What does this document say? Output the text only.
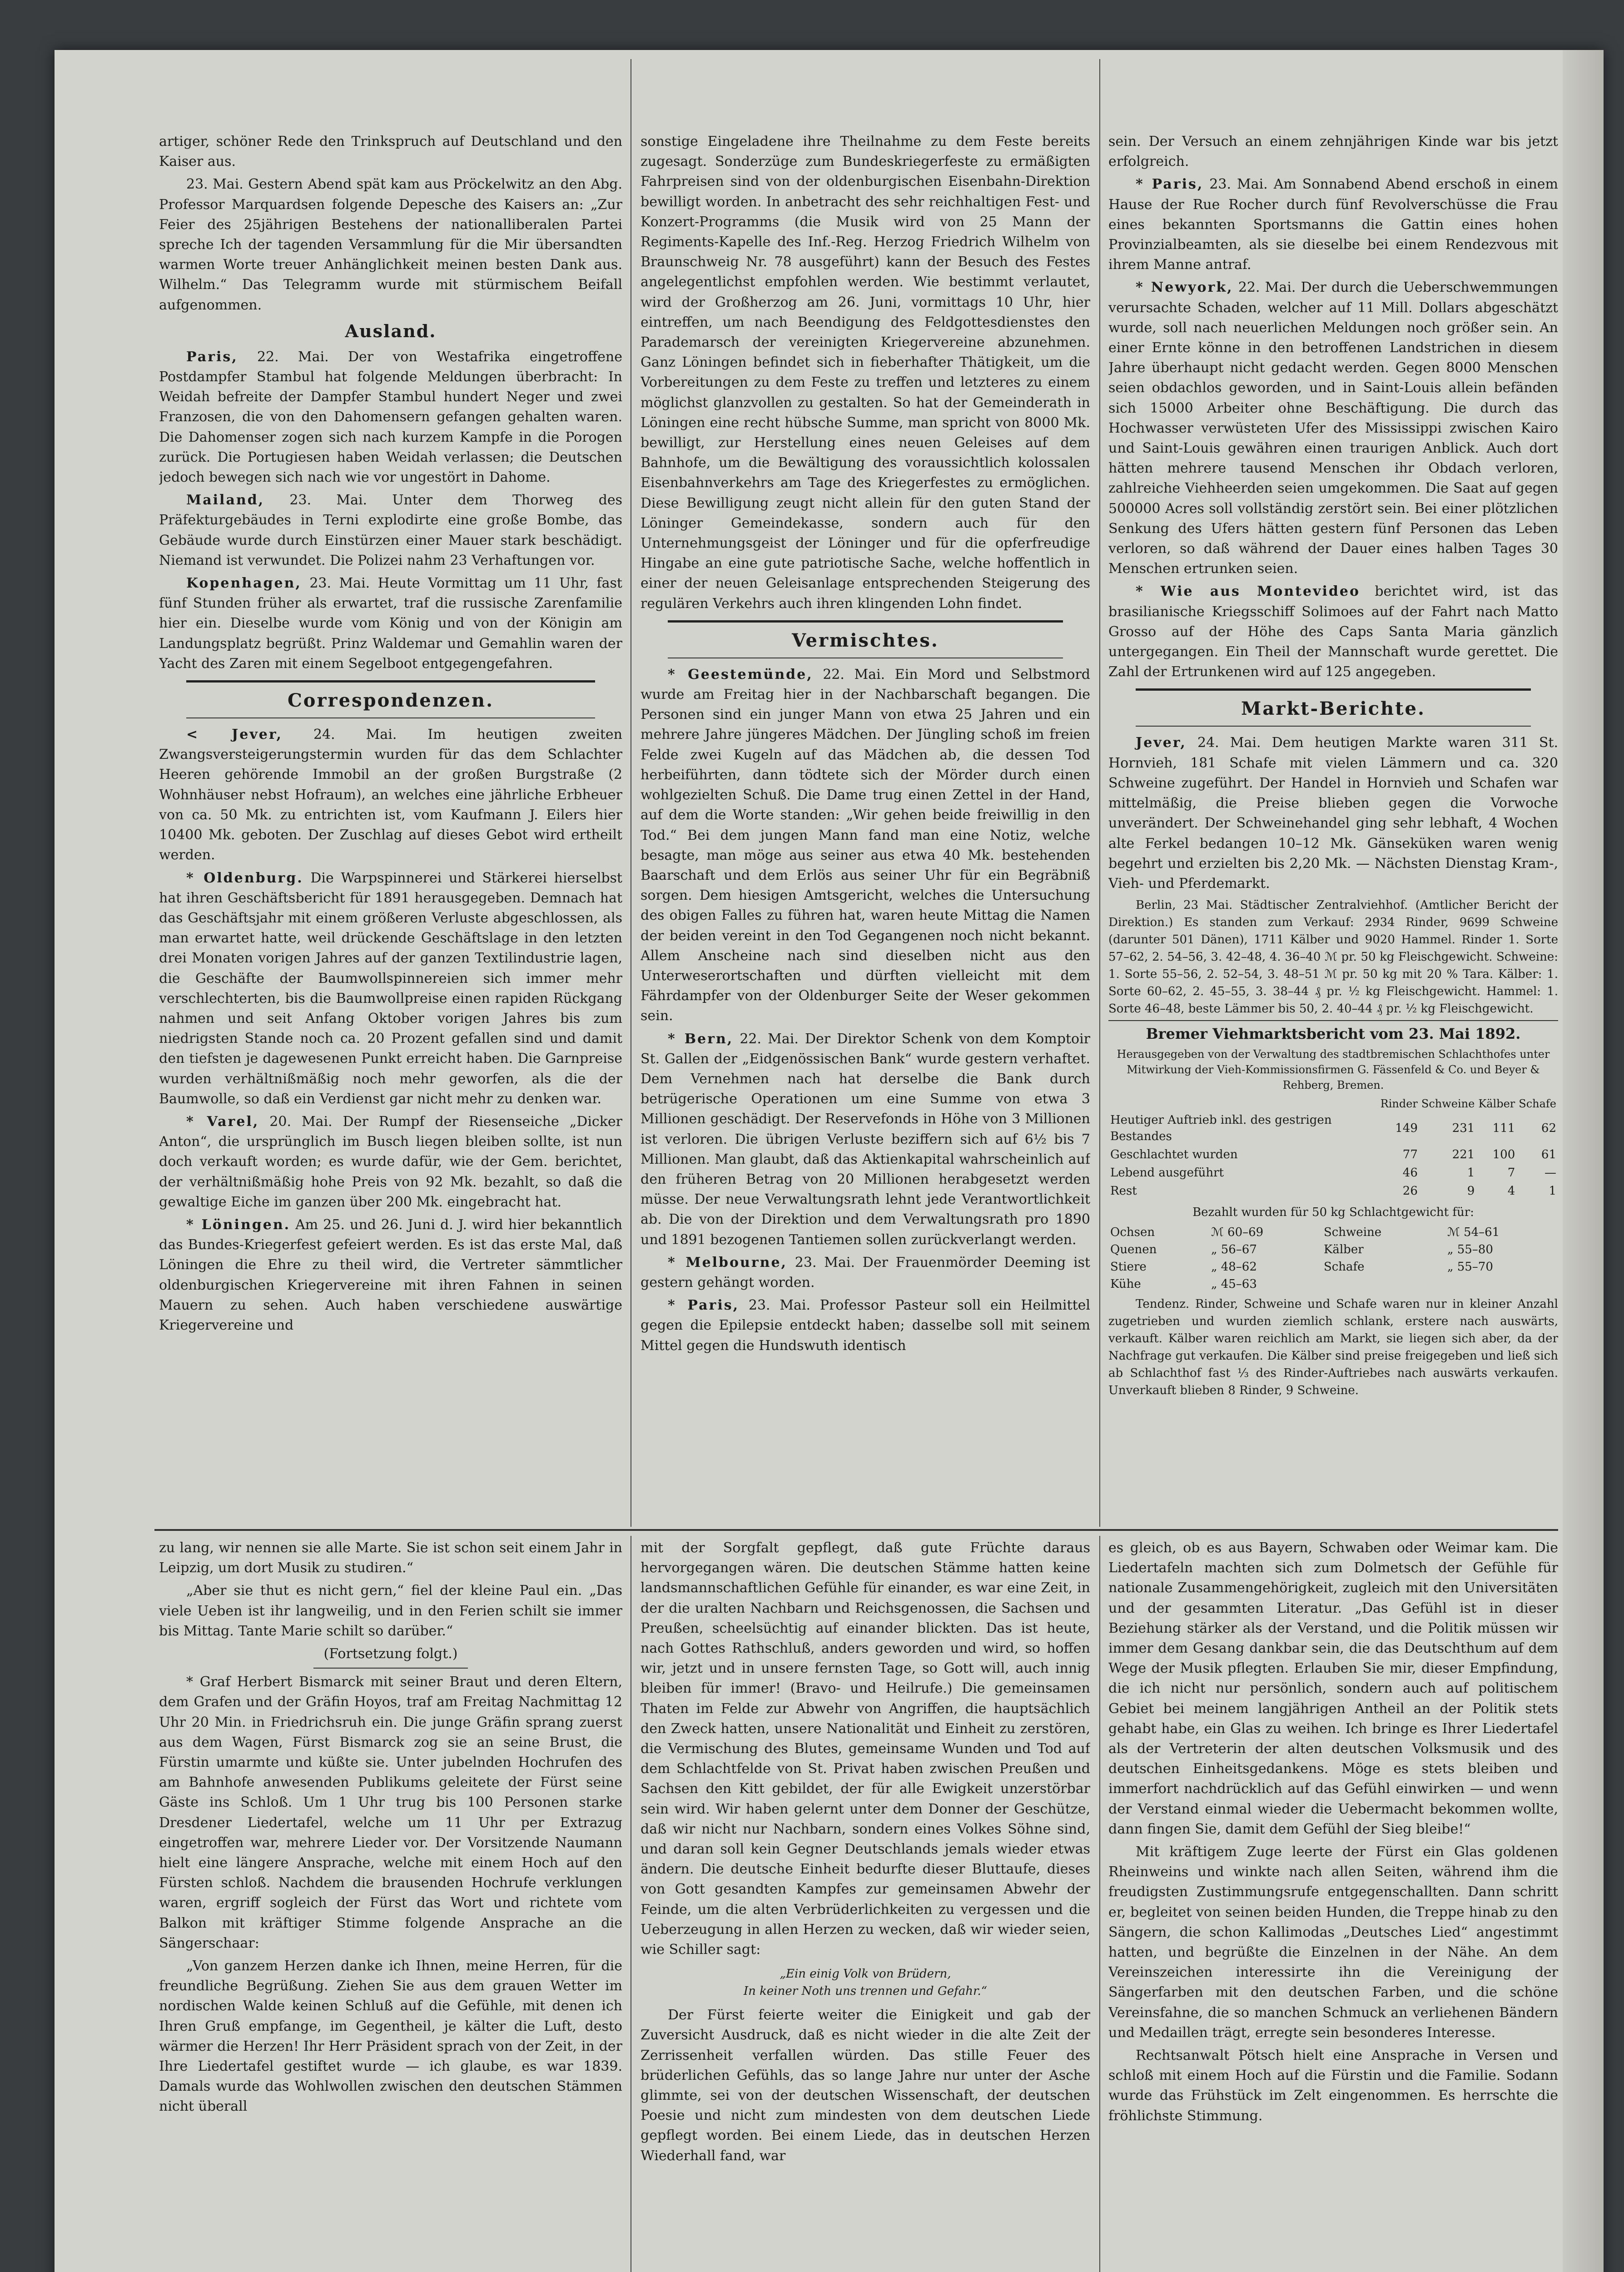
artiger, schöner Rede den Trinkspruch auf Deutschland und den Kaiser aus.

23. Mai. Gestern Abend spät kam aus Pröckelwitz an den Abg. Professor Marquardsen folgende Depesche des Kaisers an: „Zur Feier des 25jährigen Bestehens der nationalliberalen Partei spreche Ich der tagenden Versammlung für die Mir übersandten warmen Worte treuer Anhänglichkeit meinen besten Dank aus. Wilhelm.“ Das Telegramm wurde mit stürmischem Beifall aufgenommen.

Ausland.

Paris, 22. Mai. Der von Westafrika eingetroffene Postdampfer Stambul hat folgende Meldungen überbracht: In Weidah befreite der Dampfer Stambul hundert Neger und zwei Franzosen, die von den Dahomensern gefangen gehalten waren. Die Dahomenser zogen sich nach kurzem Kampfe in die Porogen zurück. Die Portugiesen haben Weidah verlassen; die Deutschen jedoch bewegen sich nach wie vor ungestört in Dahome.

Mailand, 23. Mai. Unter dem Thorweg des Präfekturgebäudes in Terni explodirte eine große Bombe, das Gebäude wurde durch Einstürzen einer Mauer stark beschädigt. Niemand ist verwundet. Die Polizei nahm 23 Verhaftungen vor.

Kopenhagen, 23. Mai. Heute Vormittag um 11 Uhr, fast fünf Stunden früher als erwartet, traf die russische Zarenfamilie hier ein. Dieselbe wurde vom König und von der Königin am Landungsplatz begrüßt. Prinz Waldemar und Gemahlin waren der Yacht des Zaren mit einem Segelboot entgegengefahren.

Correspondenzen.

< Jever, 24. Mai. Im heutigen zweiten Zwangsversteigerungstermin wurden für das dem Schlachter Heeren gehörende Immobil an der großen Burgstraße (2 Wohnhäuser nebst Hofraum), an welches eine jährliche Erbheuer von ca. 50 Mk. zu entrichten ist, vom Kaufmann J. Eilers hier 10400 Mk. geboten. Der Zuschlag auf dieses Gebot wird ertheilt werden.

* Oldenburg. Die Warpspinnerei und Stärkerei hierselbst hat ihren Geschäftsbericht für 1891 herausgegeben. Demnach hat das Geschäftsjahr mit einem größeren Verluste abgeschlossen, als man erwartet hatte, weil drückende Geschäftslage in den letzten drei Monaten vorigen Jahres auf der ganzen Textilindustrie lagen, die Geschäfte der Baumwollspinnereien sich immer mehr verschlechterten, bis die Baumwollpreise einen rapiden Rückgang nahmen und seit Anfang Oktober vorigen Jahres bis zum niedrigsten Stande noch ca. 20 Prozent gefallen sind und damit den tiefsten je dagewesenen Punkt erreicht haben. Die Garnpreise wurden verhältnißmäßig noch mehr geworfen, als die der Baumwolle, so daß ein Verdienst gar nicht mehr zu denken war.

* Varel, 20. Mai. Der Rumpf der Riesenseiche „Dicker Anton“, die ursprünglich im Busch liegen bleiben sollte, ist nun doch verkauft worden; es wurde dafür, wie der Gem. berichtet, der verhältnißmäßig hohe Preis von 92 Mk. bezahlt, so daß die gewaltige Eiche im ganzen über 200 Mk. eingebracht hat.

* Löningen. Am 25. und 26. Juni d. J. wird hier bekanntlich das Bundes-Kriegerfest gefeiert werden. Es ist das erste Mal, daß Löningen die Ehre zu theil wird, die Vertreter sämmtlicher oldenburgischen Kriegervereine mit ihren Fahnen in seinen Mauern zu sehen. Auch haben verschiedene auswärtige Kriegervereine und

sonstige Eingeladene ihre Theilnahme zu dem Feste bereits zugesagt. Sonderzüge zum Bundeskriegerfeste zu ermäßigten Fahrpreisen sind von der oldenburgischen Eisenbahn-Direktion bewilligt worden. In anbetracht des sehr reichhaltigen Fest- und Konzert-Programms (die Musik wird von 25 Mann der Regiments-Kapelle des Inf.-Reg. Herzog Friedrich Wilhelm von Braunschweig Nr. 78 ausgeführt) kann der Besuch des Festes angelegentlichst empfohlen werden. Wie bestimmt verlautet, wird der Großherzog am 26. Juni, vormittags 10 Uhr, hier eintreffen, um nach Beendigung des Feldgottesdienstes den Parademarsch der vereinigten Kriegervereine abzunehmen. Ganz Löningen befindet sich in fieberhafter Thätigkeit, um die Vorbereitungen zu dem Feste zu treffen und letzteres zu einem möglichst glanzvollen zu gestalten. So hat der Gemeinderath in Löningen eine recht hübsche Summe, man spricht von 8000 Mk. bewilligt, zur Herstellung eines neuen Geleises auf dem Bahnhofe, um die Bewältigung des voraussichtlich kolossalen Eisenbahnverkehrs am Tage des Kriegerfestes zu ermöglichen. Diese Bewilligung zeugt nicht allein für den guten Stand der Löninger Gemeindekasse, sondern auch für den Unternehmungsgeist der Löninger und für die opferfreudige Hingabe an eine gute patriotische Sache, welche hoffentlich in einer der neuen Geleisanlage entsprechenden Steigerung des regulären Verkehrs auch ihren klingenden Lohn findet.

Vermischtes.

* Geestemünde, 22. Mai. Ein Mord und Selbstmord wurde am Freitag hier in der Nachbarschaft begangen. Die Personen sind ein junger Mann von etwa 25 Jahren und ein mehrere Jahre jüngeres Mädchen. Der Jüngling schoß im freien Felde zwei Kugeln auf das Mädchen ab, die dessen Tod herbeiführten, dann tödtete sich der Mörder durch einen wohlgezielten Schuß. Die Dame trug einen Zettel in der Hand, auf dem die Worte standen: „Wir gehen beide freiwillig in den Tod.“ Bei dem jungen Mann fand man eine Notiz, welche besagte, man möge aus seiner aus etwa 40 Mk. bestehenden Baarschaft und dem Erlös aus seiner Uhr für ein Begräbniß sorgen. Dem hiesigen Amtsgericht, welches die Untersuchung des obigen Falles zu führen hat, waren heute Mittag die Namen der beiden vereint in den Tod Gegangenen noch nicht bekannt. Allem Anscheine nach sind dieselben nicht aus den Unterweserortschaften und dürften vielleicht mit dem Fährdampfer von der Oldenburger Seite der Weser gekommen sein.

* Bern, 22. Mai. Der Direktor Schenk von dem Komptoir St. Gallen der „Eidgenössischen Bank“ wurde gestern verhaftet. Dem Vernehmen nach hat derselbe die Bank durch betrügerische Operationen um eine Summe von etwa 3 Millionen geschädigt. Der Reservefonds in Höhe von 3 Millionen ist verloren. Die übrigen Verluste beziffern sich auf 6½ bis 7 Millionen. Man glaubt, daß das Aktienkapital wahrscheinlich auf den früheren Betrag von 20 Millionen herabgesetzt werden müsse. Der neue Verwaltungsrath lehnt jede Verantwortlichkeit ab. Die von der Direktion und dem Verwaltungsrath pro 1890 und 1891 bezogenen Tantiemen sollen zurückverlangt werden.

* Melbourne, 23. Mai. Der Frauenmörder Deeming ist gestern gehängt worden.

* Paris, 23. Mai. Professor Pasteur soll ein Heilmittel gegen die Epilepsie entdeckt haben; dasselbe soll mit seinem Mittel gegen die Hundswuth identisch

sein. Der Versuch an einem zehnjährigen Kinde war bis jetzt erfolgreich.

* Paris, 23. Mai. Am Sonnabend Abend erschoß in einem Hause der Rue Rocher durch fünf Revolverschüsse die Frau eines bekannten Sportsmanns die Gattin eines hohen Provinzialbeamten, als sie dieselbe bei einem Rendezvous mit ihrem Manne antraf.

* Newyork, 22. Mai. Der durch die Ueberschwemmungen verursachte Schaden, welcher auf 11 Mill. Dollars abgeschätzt wurde, soll nach neuerlichen Meldungen noch größer sein. An einer Ernte könne in den betroffenen Landstrichen in diesem Jahre überhaupt nicht gedacht werden. Gegen 8000 Menschen seien obdachlos geworden, und in Saint-Louis allein befänden sich 15000 Arbeiter ohne Beschäftigung. Die durch das Hochwasser verwüsteten Ufer des Mississippi zwischen Kairo und Saint-Louis gewähren einen traurigen Anblick. Auch dort hätten mehrere tausend Menschen ihr Obdach verloren, zahlreiche Viehheerden seien umgekommen. Die Saat auf gegen 500000 Acres soll vollständig zerstört sein. Bei einer plötzlichen Senkung des Ufers hätten gestern fünf Personen das Leben verloren, so daß während der Dauer eines halben Tages 30 Menschen ertrunken seien.

* Wie aus Montevideo berichtet wird, ist das brasilianische Kriegsschiff Solimoes auf der Fahrt nach Matto Grosso auf der Höhe des Caps Santa Maria gänzlich untergegangen. Ein Theil der Mannschaft wurde gerettet. Die Zahl der Ertrunkenen wird auf 125 angegeben.

Markt-Berichte.

Jever, 24. Mai. Dem heutigen Markte waren 311 St. Hornvieh, 181 Schafe mit vielen Lämmern und ca. 320 Schweine zugeführt. Der Handel in Hornvieh und Schafen war mittelmäßig, die Preise blieben gegen die Vorwoche unverändert. Der Schweinehandel ging sehr lebhaft, 4 Wochen alte Ferkel bedangen 10–12 Mk. Gänseküken waren wenig begehrt und erzielten bis 2,20 Mk. — Nächsten Dienstag Kram-, Vieh- und Pferdemarkt.

Berlin, 23 Mai. Städtischer Zentralviehhof. (Amtlicher Bericht der Direktion.) Es standen zum Verkauf: 2934 Rinder, 9699 Schweine (darunter 501 Dänen), 1711 Kälber und 9020 Hammel. Rinder 1. Sorte 57–62, 2. 54–56, 3. 42–48, 4. 36–40 ℳ pr. 50 kg Fleischgewicht. Schweine: 1. Sorte 55–56, 2. 52–54, 3. 48–51 ℳ pr. 50 kg mit 20 % Tara. Kälber: 1. Sorte 60–62, 2. 45–55, 3. 38–44 ₰ pr. ½ kg Fleischgewicht. Hammel: 1. Sorte 46–48, beste Lämmer bis 50, 2. 40–44 ₰ pr. ½ kg Fleischgewicht.

Bremer Viehmarktsbericht vom 23. Mai 1892.
Herausgegeben von der Verwaltung des stadtbremischen Schlachthofes unter Mitwirkung der Vieh-Kommissionsfirmen G. Fässenfeld & Co. und Beyer & Rehberg, Bremen.
	Rinder	Schweine	Kälber	Schafe
Heutiger Auftrieb inkl. des gestrigen Bestandes	149	231	111	62
Geschlachtet wurden	77	221	100	61
Lebend ausgeführt	46	1	7	—
Rest	26	9	4	1
Bezahlt wurden für 50 kg Schlachtgewicht für:
Ochsen	ℳ 60–69	Schweine	ℳ 54–61
Quenen	„ 56–67	Kälber	„ 55–80
Stiere	„ 48–62	Schafe	„ 55–70
Kühe	„ 45–63		

Tendenz. Rinder, Schweine und Schafe waren nur in kleiner Anzahl zugetrieben und wurden ziemlich schlank, erstere nach auswärts, verkauft. Kälber waren reichlich am Markt, sie liegen sich aber, da der Nachfrage gut verkaufen. Die Kälber sind preise freigegeben und ließ sich ab Schlachthof fast ⅓ des Rinder-Auftriebes nach auswärts verkaufen. Unverkauft blieben 8 Rinder, 9 Schweine.

zu lang, wir nennen sie alle Marte. Sie ist schon seit einem Jahr in Leipzig, um dort Musik zu studiren.“

„Aber sie thut es nicht gern,“ fiel der kleine Paul ein. „Das viele Ueben ist ihr langweilig, und in den Ferien schilt sie immer bis Mittag. Tante Marie schilt so darüber.“

(Fortsetzung folgt.)

* Graf Herbert Bismarck mit seiner Braut und deren Eltern, dem Grafen und der Gräfin Hoyos, traf am Freitag Nachmittag 12 Uhr 20 Min. in Friedrichsruh ein. Die junge Gräfin sprang zuerst aus dem Wagen, Fürst Bismarck zog sie an seine Brust, die Fürstin umarmte und küßte sie. Unter jubelnden Hochrufen des am Bahnhofe anwesenden Publikums geleitete der Fürst seine Gäste ins Schloß. Um 1 Uhr trug bis 100 Personen starke Dresdener Liedertafel, welche um 11 Uhr per Extrazug eingetroffen war, mehrere Lieder vor. Der Vorsitzende Naumann hielt eine längere Ansprache, welche mit einem Hoch auf den Fürsten schloß. Nachdem die brausenden Hochrufe verklungen waren, ergriff sogleich der Fürst das Wort und richtete vom Balkon mit kräftiger Stimme folgende Ansprache an die Sängerschaar:

„Von ganzem Herzen danke ich Ihnen, meine Herren, für die freundliche Begrüßung. Ziehen Sie aus dem grauen Wetter im nordischen Walde keinen Schluß auf die Gefühle, mit denen ich Ihren Gruß empfange, im Gegentheil, je kälter die Luft, desto wärmer die Herzen! Ihr Herr Präsident sprach von der Zeit, in der Ihre Liedertafel gestiftet wurde — ich glaube, es war 1839. Damals wurde das Wohlwollen zwischen den deutschen Stämmen nicht überall

mit der Sorgfalt gepflegt, daß gute Früchte daraus hervorgegangen wären. Die deutschen Stämme hatten keine landsmannschaftlichen Gefühle für einander, es war eine Zeit, in der die uralten Nachbarn und Reichsgenossen, die Sachsen und Preußen, scheelsüchtig auf einander blickten. Das ist heute, nach Gottes Rathschluß, anders geworden und wird, so hoffen wir, jetzt und in unsere fernsten Tage, so Gott will, auch innig bleiben für immer! (Bravo- und Heilrufe.) Die gemeinsamen Thaten im Felde zur Abwehr von Angriffen, die hauptsächlich den Zweck hatten, unsere Nationalität und Einheit zu zerstören, die Vermischung des Blutes, gemeinsame Wunden und Tod auf dem Schlachtfelde von St. Privat haben zwischen Preußen und Sachsen den Kitt gebildet, der für alle Ewigkeit unzerstörbar sein wird. Wir haben gelernt unter dem Donner der Geschütze, daß wir nicht nur Nachbarn, sondern eines Volkes Söhne sind, und daran soll kein Gegner Deutschlands jemals wieder etwas ändern. Die deutsche Einheit bedurfte dieser Bluttaufe, dieses von Gott gesandten Kampfes zur gemeinsamen Abwehr der Feinde, um die alten Verbrüderlichkeiten zu vergessen und die Ueberzeugung in allen Herzen zu wecken, daß wir wieder seien, wie Schiller sagt:

„Ein einig Volk von Brüdern,
In keiner Noth uns trennen und Gefahr.“

Der Fürst feierte weiter die Einigkeit und gab der Zuversicht Ausdruck, daß es nicht wieder in die alte Zeit der Zerrissenheit verfallen würden. Das stille Feuer des brüderlichen Gefühls, das so lange Jahre nur unter der Asche glimmte, sei von der deutschen Wissenschaft, der deutschen Poesie und nicht zum mindesten von dem deutschen Liede gepflegt worden. Bei einem Liede, das in deutschen Herzen Wiederhall fand, war

es gleich, ob es aus Bayern, Schwaben oder Weimar kam. Die Liedertafeln machten sich zum Dolmetsch der Gefühle für nationale Zusammengehörigkeit, zugleich mit den Universitäten und der gesammten Literatur. „Das Gefühl ist in dieser Beziehung stärker als der Verstand, und die Politik müssen wir immer dem Gesang dankbar sein, die das Deutschthum auf dem Wege der Musik pflegten. Erlauben Sie mir, dieser Empfindung, die ich nicht nur persönlich, sondern auch auf politischem Gebiet bei meinem langjährigen Antheil an der Politik stets gehabt habe, ein Glas zu weihen. Ich bringe es Ihrer Liedertafel als der Vertreterin der alten deutschen Volksmusik und des deutschen Einheitsgedankens. Möge es stets bleiben und immerfort nachdrücklich auf das Gefühl einwirken — und wenn der Verstand einmal wieder die Uebermacht bekommen wollte, dann fingen Sie, damit dem Gefühl der Sieg bleibe!“

Mit kräftigem Zuge leerte der Fürst ein Glas goldenen Rheinweins und winkte nach allen Seiten, während ihm die freudigsten Zustimmungsrufe entgegenschallten. Dann schritt er, begleitet von seinen beiden Hunden, die Treppe hinab zu den Sängern, die schon Kallimodas „Deutsches Lied“ angestimmt hatten, und begrüßte die Einzelnen in der Nähe. An dem Vereinszeichen interessirte ihn die Vereinigung der Sängerfarben mit den deutschen Farben, und die schöne Vereinsfahne, die so manchen Schmuck an verliehenen Bändern und Medaillen trägt, erregte sein besonderes Interesse.

Rechtsanwalt Pötsch hielt eine Ansprache in Versen und schloß mit einem Hoch auf die Fürstin und die Familie. Sodann wurde das Frühstück im Zelt eingenommen. Es herrschte die fröhlichste Stimmung.
